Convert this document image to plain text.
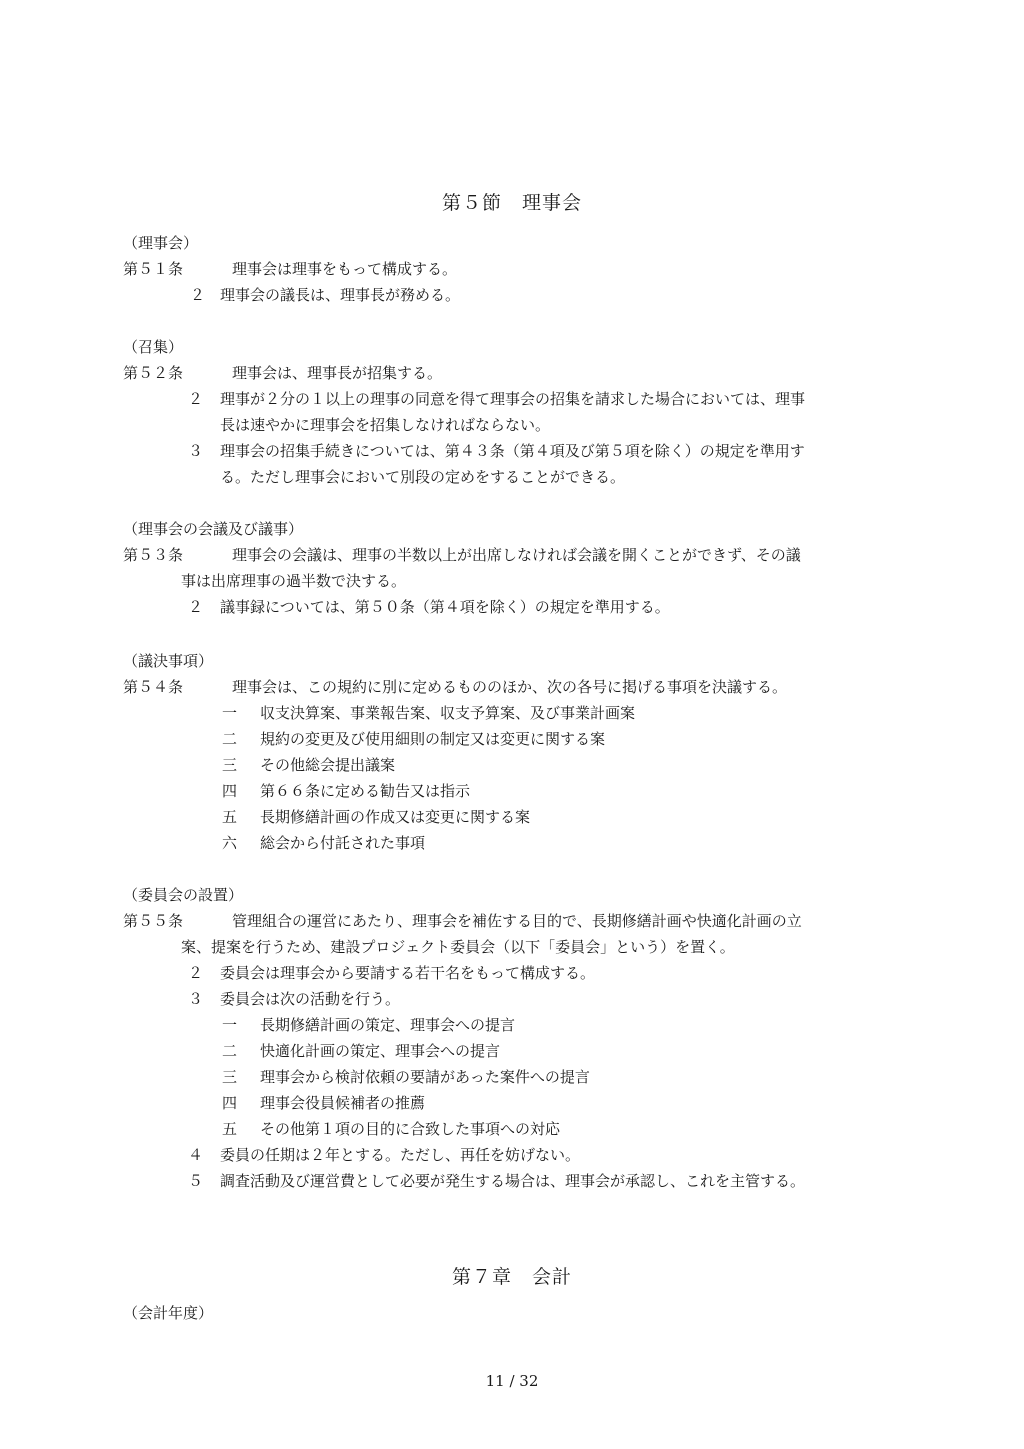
第５節　理事会
（理事会）
第５１条	理事会は理事をもって構成する。
２ 理事会の議長は、理事長が務める。
（召集）
第５２条	理事会は、理事長が招集する。
２ 理事が２分の１以上の理事の同意を得て理事会の招集を請求した場合においては、理事
長は速やかに理事会を招集しなければならない。
３ 理事会の招集手続きについては、第４３条（第４項及び第５項を除く）の規定を準用す
る。ただし理事会において別段の定めをすることができる。
（理事会の会議及び議事）
第５３条	理事会の会議は、理事の半数以上が出席しなければ会議を開くことができず、その議
事は出席理事の過半数で決する。
２ 議事録については、第５０条（第４項を除く）の規定を準用する。
（議決事項）
第５４条	理事会は、この規約に別に定めるもののほか、次の各号に掲げる事項を決議する。
一 収支決算案、事業報告案、収支予算案、及び事業計画案
二 規約の変更及び使用細則の制定又は変更に関する案
三 その他総会提出議案
四 第６６条に定める勧告又は指示
五 長期修繕計画の作成又は変更に関する案
六 総会から付託された事項
（委員会の設置）
第５５条	管理組合の運営にあたり、理事会を補佐する目的で、長期修繕計画や快適化計画の立
案、提案を行うため、建設プロジェクト委員会（以下「委員会」という）を置く。
２ 委員会は理事会から要請する若干名をもって構成する。
３ 委員会は次の活動を行う。
一 長期修繕計画の策定、理事会への提言
二 快適化計画の策定、理事会への提言
三 理事会から検討依頼の要請があった案件への提言
四 理事会役員候補者の推薦
五 その他第１項の目的に合致した事項への対応
４ 委員の任期は２年とする。ただし、再任を妨げない。
５ 調査活動及び運営費として必要が発生する場合は、理事会が承認し、これを主管する。
第７章　会計
（会計年度）
11 / 32
